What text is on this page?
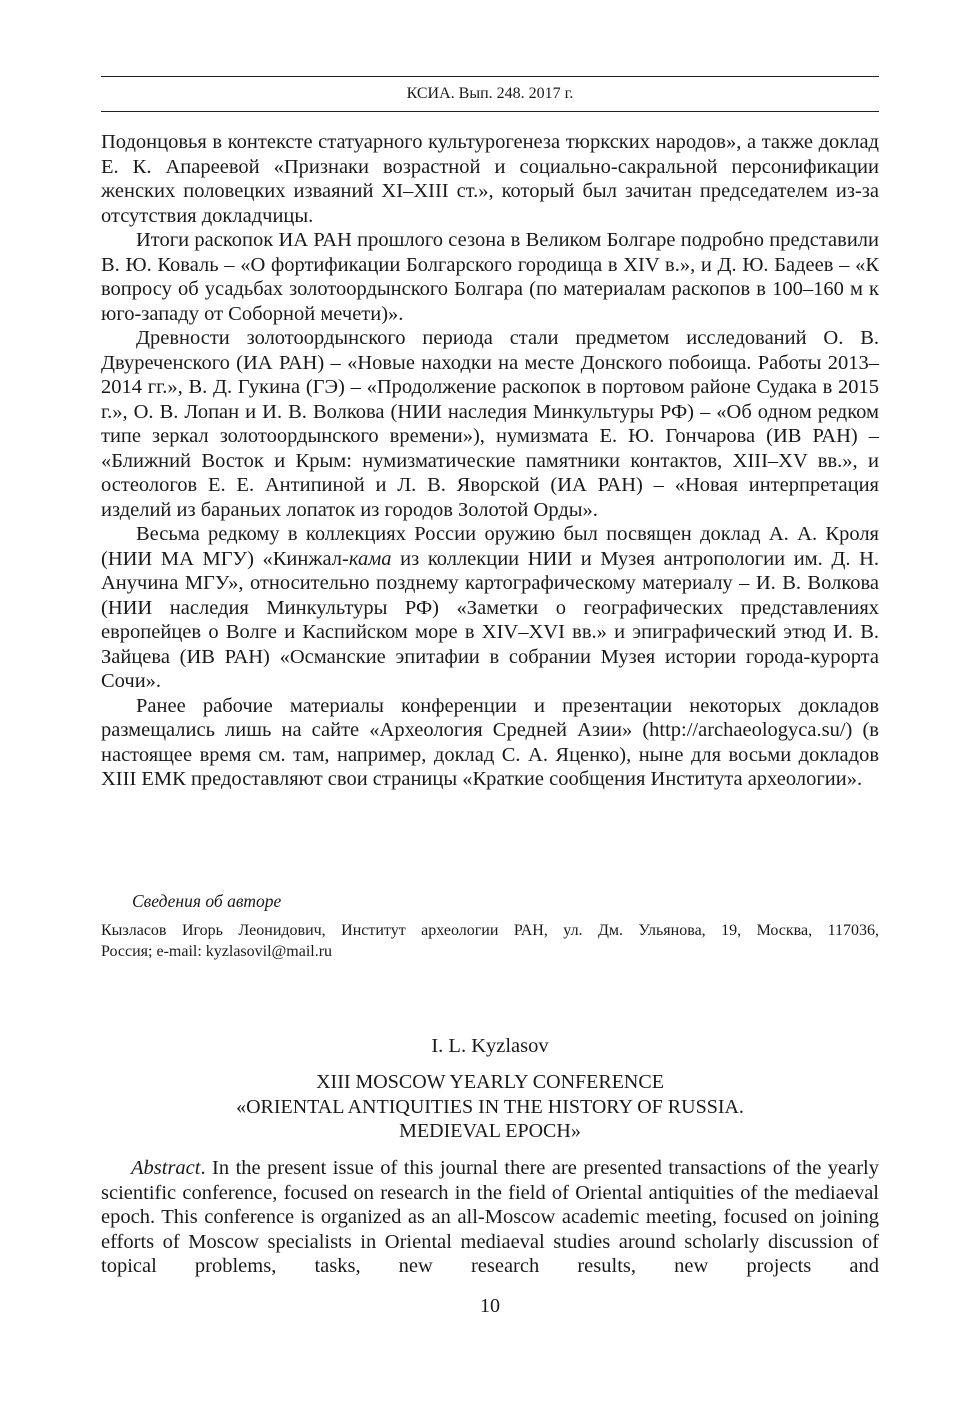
КСИА. Вып. 248. 2017 г.

Подонцовья в контексте статуарного культурогенеза тюркских народов», а также доклад Е. К. Апареевой «Признаки возрастной и социально-сакральной персонификации женских половецких изваяний XI–XIII ст.», который был зачитан председателем из-за отсутствия докладчицы.

Итоги раскопок ИА РАН прошлого сезона в Великом Болгаре подробно представили В. Ю. Коваль – «О фортификации Болгарского городища в XIV в.», и Д. Ю. Бадеев – «К вопросу об усадьбах золотоордынского Болгара (по материалам раскопов в 100–160 м к юго-западу от Соборной мечети)».

Древности золотоордынского периода стали предметом исследований О. В. Двуреченского (ИА РАН) – «Новые находки на месте Донского побоища. Работы 2013–2014 гг.», В. Д. Гукина (ГЭ) – «Продолжение раскопок в портовом районе Судака в 2015 г.», О. В. Лопан и И. В. Волкова (НИИ наследия Минкультуры РФ) – «Об одном редком типе зеркал золотоордынского времени»), нумизмата Е. Ю. Гончарова (ИВ РАН) – «Ближний Восток и Крым: нумизматические памятники контактов, XIII–XV вв.», и остеологов Е. Е. Антипиной и Л. В. Яворской (ИА РАН) – «Новая интерпретация изделий из бараньих лопаток из городов Золотой Орды».

Весьма редкому в коллекциях России оружию был посвящен доклад А. А. Кроля (НИИ МА МГУ) «Кинжал-кама из коллекции НИИ и Музея антропологии им. Д. Н. Анучина МГУ», относительно позднему картографическому материалу – И. В. Волкова (НИИ наследия Минкультуры РФ) «Заметки о географических представлениях европейцев о Волге и Каспийском море в XIV–XVI вв.» и эпиграфический этюд И. В. Зайцева (ИВ РАН) «Османские эпитафии в собрании Музея истории города-курорта Сочи».

Ранее рабочие материалы конференции и презентации некоторых докладов размещались лишь на сайте «Археология Средней Азии» (http://archaeologyca.su/) (в настоящее время см. там, например, доклад С. А. Яценко), ныне для восьми докладов XIII ЕМК предоставляют свои страницы «Краткие сообщения Института археологии».

Сведения об авторе

Кызласов Игорь Леонидович, Институт археологии РАН, ул. Дм. Ульянова, 19, Москва, 117036,
Россия; e-mail: kyzlasovil@mail.ru

I. L. Kyzlasov
XIII MOSCOW YEARLY CONFERENCE
«ORIENTAL ANTIQUITIES IN THE HISTORY OF RUSSIA.
MEDIEVAL EPOCH»

Abstract. In the present issue of this journal there are presented transactions of the yearly scientific conference, focused on research in the field of Oriental antiquities of the mediaeval epoch. This conference is organized as an all-Moscow academic meeting, focused on joining efforts of Moscow specialists in Oriental mediaeval studies around scholarly discussion of topical problems, tasks, new research results, new projects and

10
